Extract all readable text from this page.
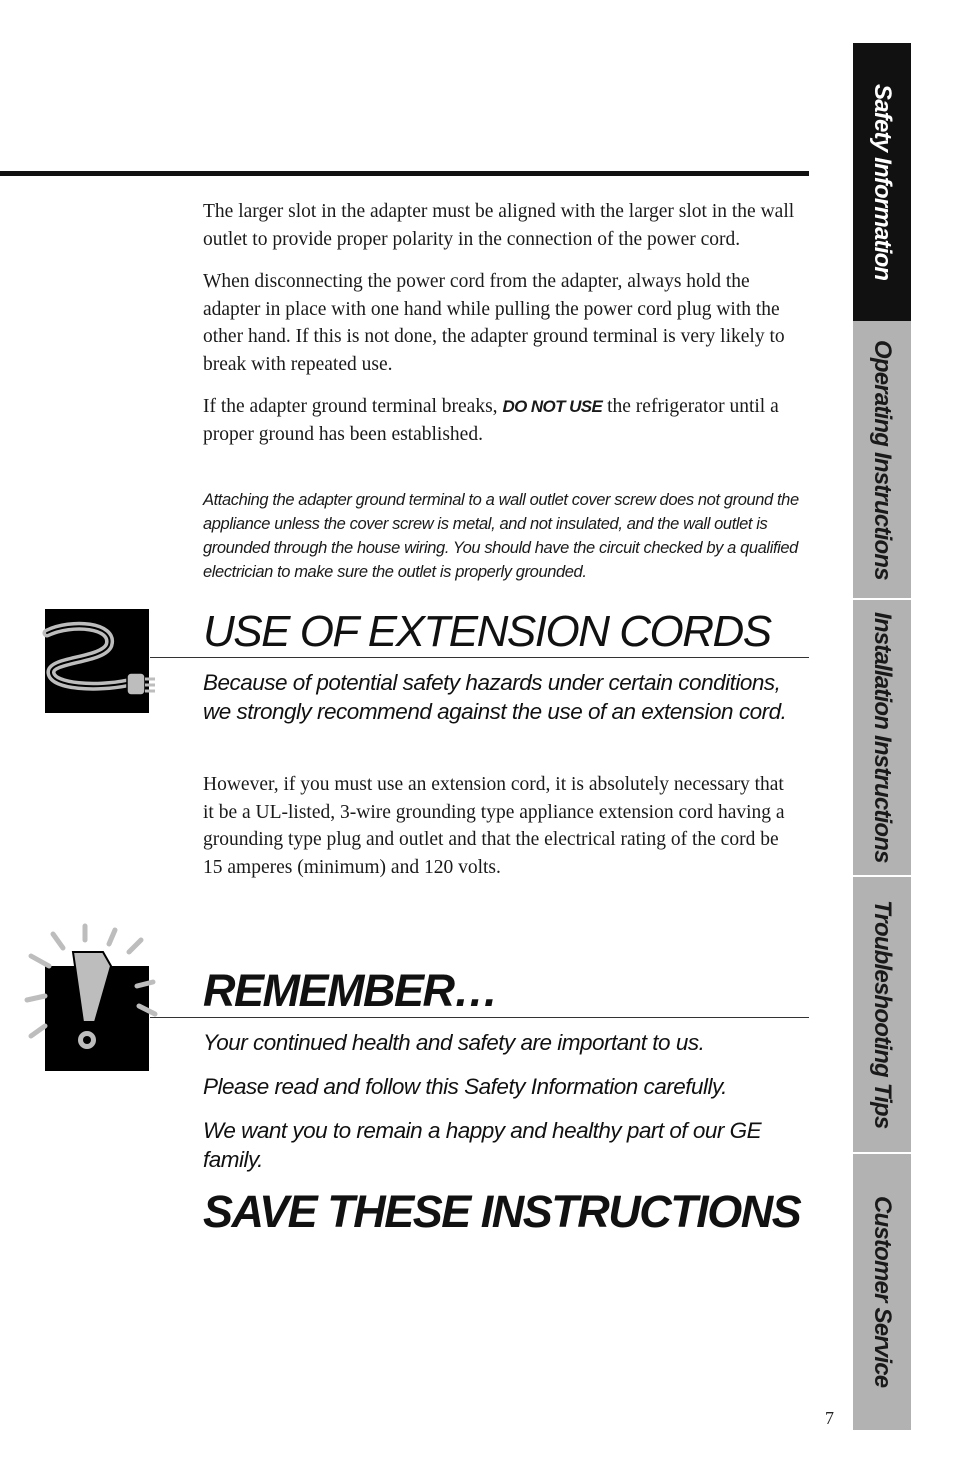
Safety Information
Operating Instructions
Installation Instructions
Troubleshooting Tips
Customer Service

The larger slot in the adapter must be aligned with the larger slot in the wall outlet to provide proper polarity in the connection of the power cord.

When disconnecting the power cord from the adapter, always hold the adapter in place with one hand while pulling the power cord plug with the other hand. If this is not done, the adapter ground terminal is very likely to break with repeated use.

If the adapter ground terminal breaks, DO NOT USE the refrigerator until a proper ground has been established.

Attaching the adapter ground terminal to a wall outlet cover screw does not ground the appliance unless the cover screw is metal, and not insulated, and the wall outlet is grounded through the house wiring. You should have the circuit checked by a qualified electrician to make sure the outlet is properly grounded.
USE OF EXTENSION CORDS

Because of potential safety hazards under certain conditions, we strongly recommend against the use of an extension cord.

However, if you must use an extension cord, it is absolutely necessary that it be a UL-listed, 3-wire grounding type appliance extension cord having a grounding type plug and outlet and that the electrical rating of the cord be 15 amperes (minimum) and 120 volts.

REMEMBER…

Your continued health and safety are important to us.

Please read and follow this Safety Information carefully.

We want you to remain a happy and healthy part of our GE family.

SAVE THESE INSTRUCTIONS
7
